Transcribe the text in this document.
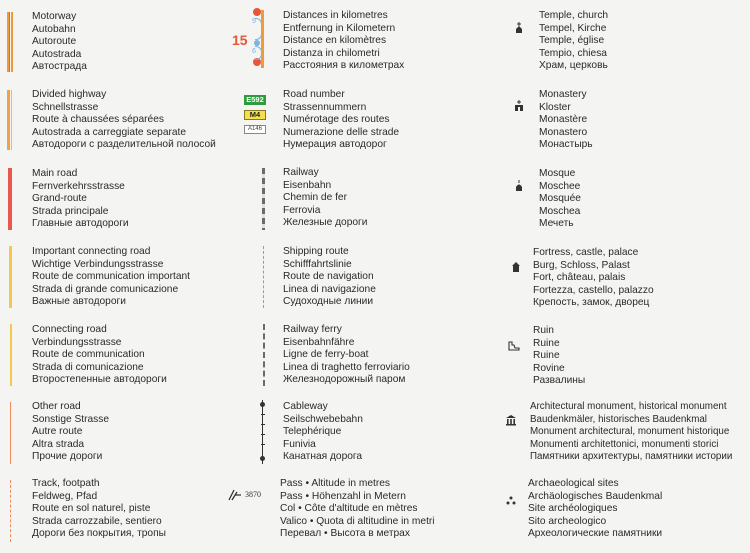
Motorway
Autobahn
Autoroute
Autostrada
Автострада
Divided highway
Schnellstrasse
Route à chaussées séparées
Autostrada a carreggiate separate
Автодороги с разделительной полосой
Main road
Fernverkehrsstrasse
Grand-route
Strada principale
Главные автодороги
Important connecting road
Wichtige Verbindungsstrasse
Route de communication important
Strada di grande comunicazione
Важные автодороги
Connecting road
Verbindungsstrasse
Route de communication
Strada di comunicazione
Второстепенные автодороги
Other road
Sonstige Strasse
Autre route
Altra strada
Прочие дороги
Track, footpath
Feldweg, Pfad
Route en sol naturel, piste
Strada carrozzabile, sentiero
Дороги без покрытия, тропы
15
9
6
E592
M4
A146
3870
Distances in kilometres
Entfernung in Kilometern
Distance en kilomètres
Distanza in chilometri
Расстояния в километрах
Road number
Strassennummern
Numérotage des routes
Numerazione delle strade
Нумерация автодорог
Railway
Eisenbahn
Chemin de fer
Ferrovia
Железные дороги
Shipping route
Schifffahrtslinie
Route de navigation
Linea di navigazione
Судоходные линии
Railway ferry
Eisenbahnfähre
Ligne de ferry-boat
Linea di traghetto ferroviario
Железнодорожный паром
Cableway
Seilschwebebahn
Telephérique
Funivia
Канатная дорога
Pass • Altitude in metres
Pass • Höhenzahl in Metern
Col • Côte d'altitude en mètres
Valico • Quota di altitudine in metri
Перевал • Высота в метрах
Temple, church
Tempel, Kirche
Temple, église
Tempio, chiesa
Храм, церковь
Monastery
Kloster
Monastère
Monastero
Монастырь
Mosque
Moschee
Mosquée
Moschea
Мечеть
Fortress, castle, palace
Burg, Schloss, Palast
Fort, château, palais
Fortezza, castello, palazzo
Крепость, замок, дворец
Ruin
Ruine
Ruine
Rovine
Развалины
Architectural monument, historical monument
Baudenkmäler, historisches Baudenkmal
Monument architectural, monument historique
Monumenti architettonici, monumenti storici
Памятники архитектуры, памятники истории
Archaeological sites
Archäologisches Baudenkmal
Site archéologiques
Sito archeologico
Археологические памятники
